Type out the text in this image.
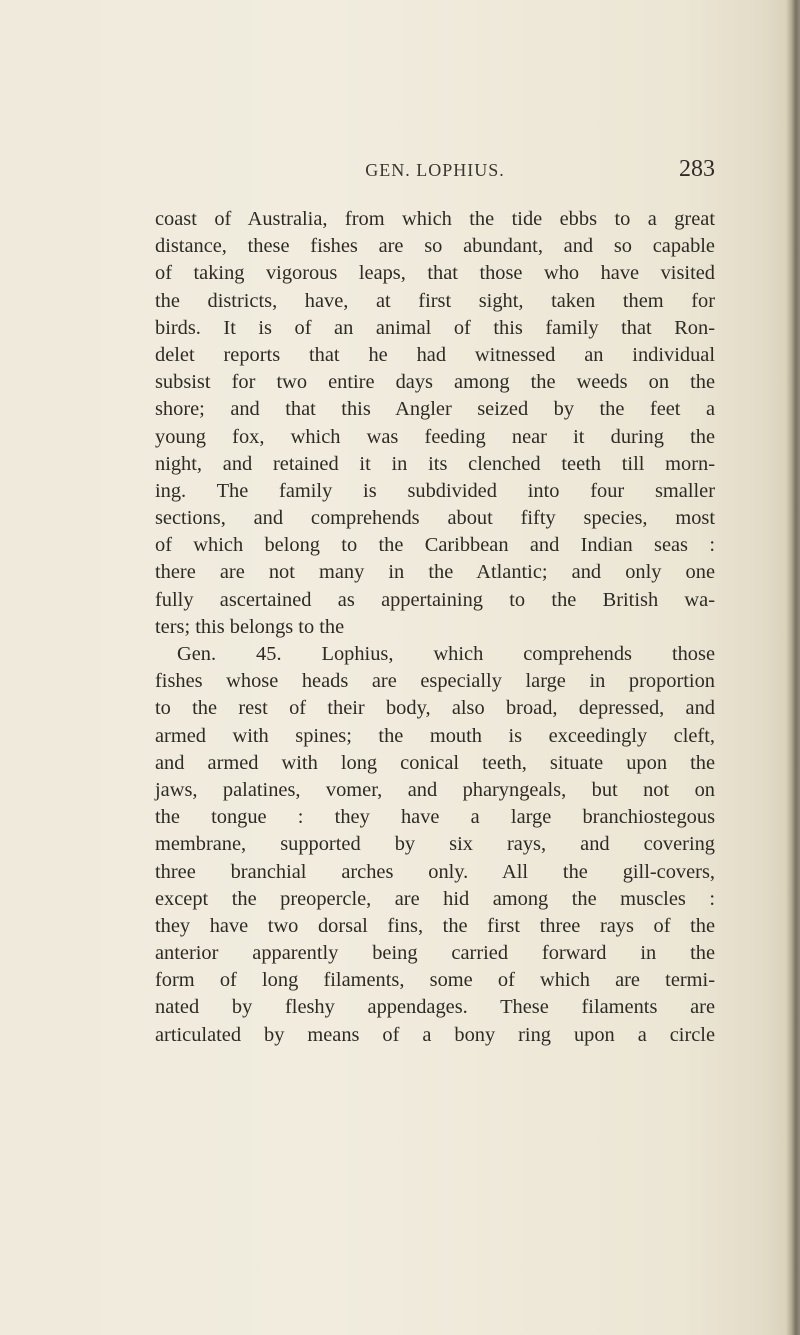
GEN. LOPHIUS.	283
coast of Australia, from which the tide ebbs to a great
distance, these fishes are so abundant, and so capable
of taking vigorous leaps, that those who have visited
the districts, have, at first sight, taken them for
birds. It is of an animal of this family that Ron-
delet reports that he had witnessed an individual
subsist for two entire days among the weeds on the
shore; and that this Angler seized by the feet a
young fox, which was feeding near it during the
night, and retained it in its clenched teeth till morn-
ing. The family is subdivided into four smaller
sections, and comprehends about fifty species, most
of which belong to the Caribbean and Indian seas :
there are not many in the Atlantic; and only one
fully ascertained as appertaining to the British wa-
ters; this belongs to the
Gen. 45. Lophius, which comprehends those
fishes whose heads are especially large in proportion
to the rest of their body, also broad, depressed, and
armed with spines; the mouth is exceedingly cleft,
and armed with long conical teeth, situate upon the
jaws, palatines, vomer, and pharyngeals, but not on
the tongue : they have a large branchiostegous
membrane, supported by six rays, and covering
three branchial arches only. All the gill-covers,
except the preopercle, are hid among the muscles :
they have two dorsal fins, the first three rays of the
anterior apparently being carried forward in the
form of long filaments, some of which are termi-
nated by fleshy appendages. These filaments are
articulated by means of a bony ring upon a circle
